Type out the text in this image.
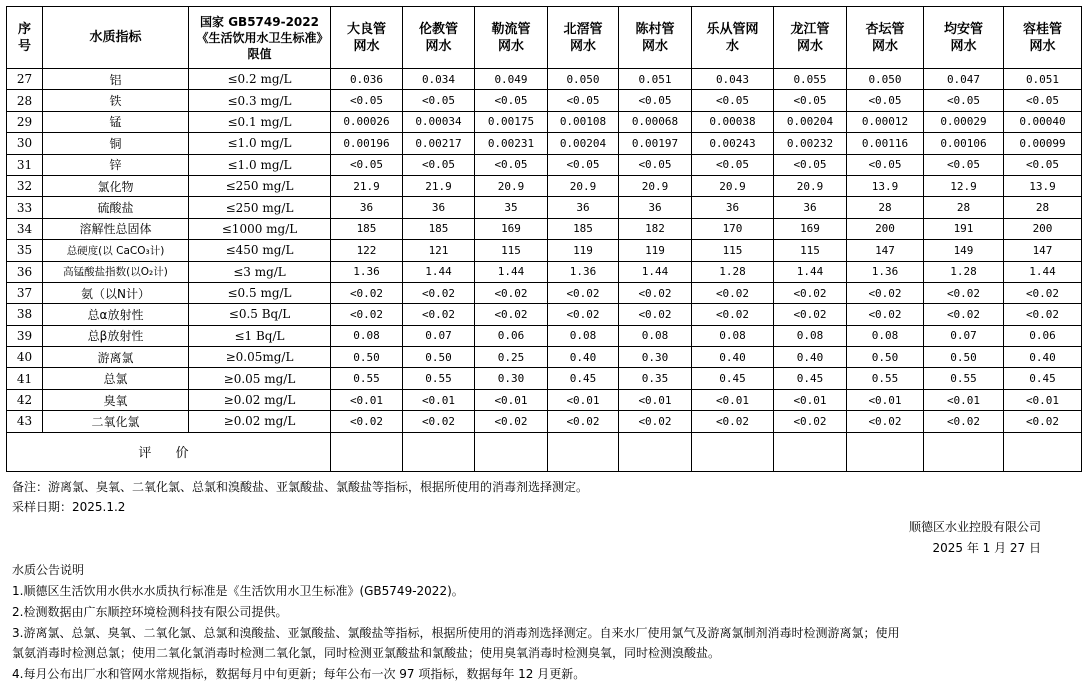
序号	水质指标	国家 GB5749-2022《生活饮用水卫生标准》限值	大良管网水	伦教管网水	勒流管网水	北滘管网水	陈村管网水	乐从管网水	龙江管网水	杏坛管网水	均安管网水	容桂管网水
27	铝	≤0.2 mg/L	0.036	0.034	0.049	0.050	0.051	0.043	0.055	0.050	0.047	0.051
28	铁	≤0.3 mg/L	<0.05	<0.05	<0.05	<0.05	<0.05	<0.05	<0.05	<0.05	<0.05	<0.05
29	锰	≤0.1 mg/L	0.00026	0.00034	0.00175	0.00108	0.00068	0.00038	0.00204	0.00012	0.00029	0.00040
30	铜	≤1.0 mg/L	0.00196	0.00217	0.00231	0.00204	0.00197	0.00243	0.00232	0.00116	0.00106	0.00099
31	锌	≤1.0 mg/L	<0.05	<0.05	<0.05	<0.05	<0.05	<0.05	<0.05	<0.05	<0.05	<0.05
32	氯化物	≤250 mg/L	21.9	21.9	20.9	20.9	20.9	20.9	20.9	13.9	12.9	13.9
33	硫酸盐	≤250 mg/L	36	36	35	36	36	36	36	28	28	28
34	溶解性总固体	≤1000 mg/L	185	185	169	185	182	170	169	200	191	200
35	总硬度(以 CaCO₃计)	≤450 mg/L	122	121	115	119	119	115	115	147	149	147
36	高锰酸盐指数(以O₂计)	≤3 mg/L	1.36	1.44	1.44	1.36	1.44	1.28	1.44	1.36	1.28	1.44
37	氨（以N计）	≤0.5 mg/L	<0.02	<0.02	<0.02	<0.02	<0.02	<0.02	<0.02	<0.02	<0.02	<0.02
38	总α放射性	≤0.5 Bq/L	<0.02	<0.02	<0.02	<0.02	<0.02	<0.02	<0.02	<0.02	<0.02	<0.02
39	总β放射性	≤1 Bq/L	0.08	0.07	0.06	0.08	0.08	0.08	0.08	0.08	0.07	0.06
40	游离氯	≥0.05mg/L	0.50	0.50	0.25	0.40	0.30	0.40	0.40	0.50	0.50	0.40
41	总氯	≥0.05 mg/L	0.55	0.55	0.30	0.45	0.35	0.45	0.45	0.55	0.55	0.45
42	臭氧	≥0.02 mg/L	<0.01	<0.01	<0.01	<0.01	<0.01	<0.01	<0.01	<0.01	<0.01	<0.01
43	二氧化氯	≥0.02 mg/L	<0.02	<0.02	<0.02	<0.02	<0.02	<0.02	<0.02	<0.02	<0.02	<0.02
评 价												
备注：游离氯、臭氧、二氧化氯、总氯和溴酸盐、亚氯酸盐、氯酸盐等指标，根据所使用的消毒剂选择测定。
采样日期：2025.1.2
顺德区水业控股有限公司
2025 年 1 月 27 日
水质公告说明
1.顺德区生活饮用水供水水质执行标准是《生活饮用水卫生标准》(GB5749-2022)。
2.检测数据由广东顺控环境检测科技有限公司提供。
3.游离氯、总氯、臭氧、二氧化氯、总氯和溴酸盐、亚氯酸盐、氯酸盐等指标，根据所使用的消毒剂选择测定。自来水厂使用氯气及游离氯制剂消毒时检测游离氯；使用
氯氨消毒时检测总氯；使用二氧化氯消毒时检测二氧化氯，同时检测亚氯酸盐和氯酸盐；使用臭氧消毒时检测臭氧，同时检测溴酸盐。
4.每月公布出厂水和管网水常规指标，数据每月中旬更新；每年公布一次 97 项指标，数据每年 12 月更新。
